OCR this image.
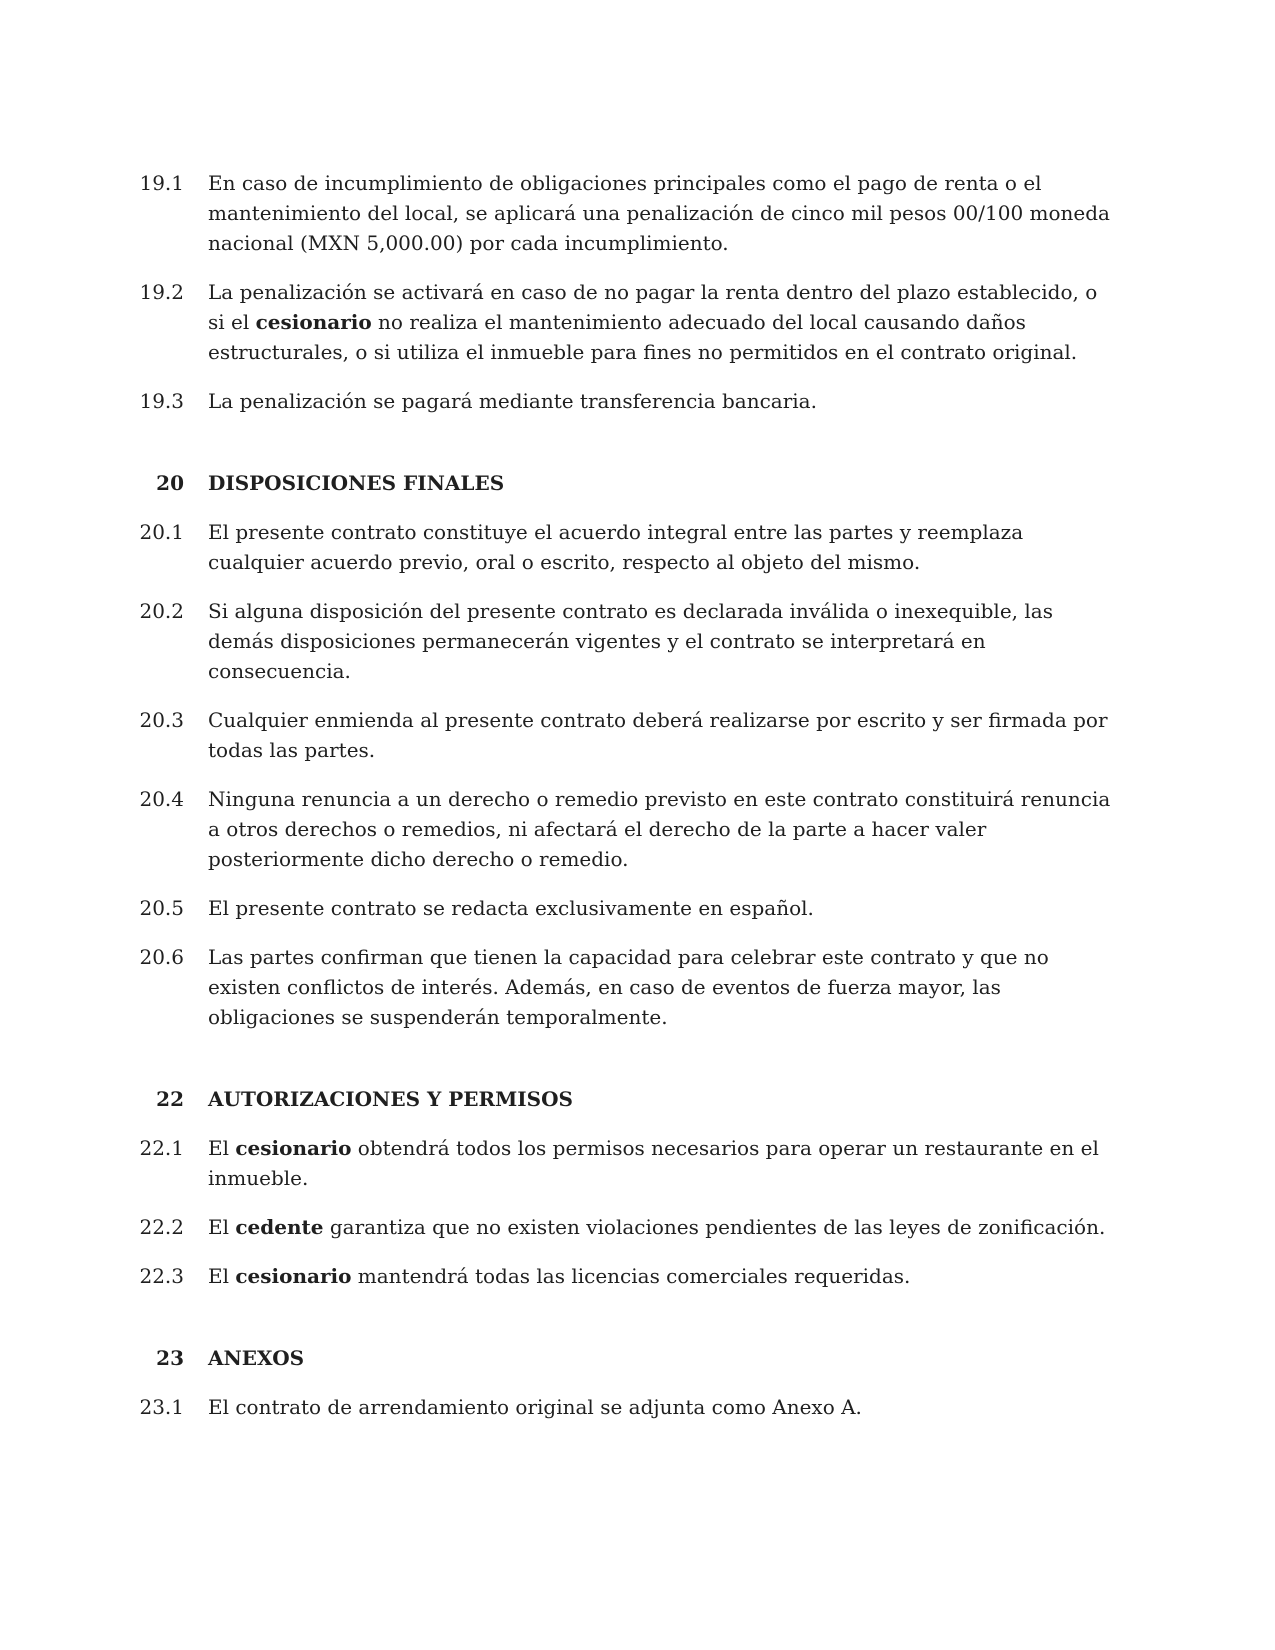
19.1 En caso de incumplimiento de obligaciones principales como el pago de renta o el mantenimiento del local, se aplicará una penalización de cinco mil pesos 00/100 moneda nacional (MXN 5,000.00) por cada incumplimiento.
19.2 La penalización se activará en caso de no pagar la renta dentro del plazo establecido, o si el cesionario no realiza el mantenimiento adecuado del local causando daños estructurales, o si utiliza el inmueble para fines no permitidos en el contrato original.
19.3 La penalización se pagará mediante transferencia bancaria.
20 DISPOSICIONES FINALES
20.1 El presente contrato constituye el acuerdo integral entre las partes y reemplaza cualquier acuerdo previo, oral o escrito, respecto al objeto del mismo.
20.2 Si alguna disposición del presente contrato es declarada inválida o inexequible, las demás disposiciones permanecerán vigentes y el contrato se interpretará en consecuencia.
20.3 Cualquier enmienda al presente contrato deberá realizarse por escrito y ser firmada por todas las partes.
20.4 Ninguna renuncia a un derecho o remedio previsto en este contrato constituirá renuncia a otros derechos o remedios, ni afectará el derecho de la parte a hacer valer posteriormente dicho derecho o remedio.
20.5 El presente contrato se redacta exclusivamente en español.
20.6 Las partes confirman que tienen la capacidad para celebrar este contrato y que no existen conflictos de interés. Además, en caso de eventos de fuerza mayor, las obligaciones se suspenderán temporalmente.
22 AUTORIZACIONES Y PERMISOS
22.1 El cesionario obtendrá todos los permisos necesarios para operar un restaurante en el inmueble.
22.2 El cedente garantiza que no existen violaciones pendientes de las leyes de zonificación.
22.3 El cesionario mantendrá todas las licencias comerciales requeridas.
23 ANEXOS
23.1 El contrato de arrendamiento original se adjunta como Anexo A.
